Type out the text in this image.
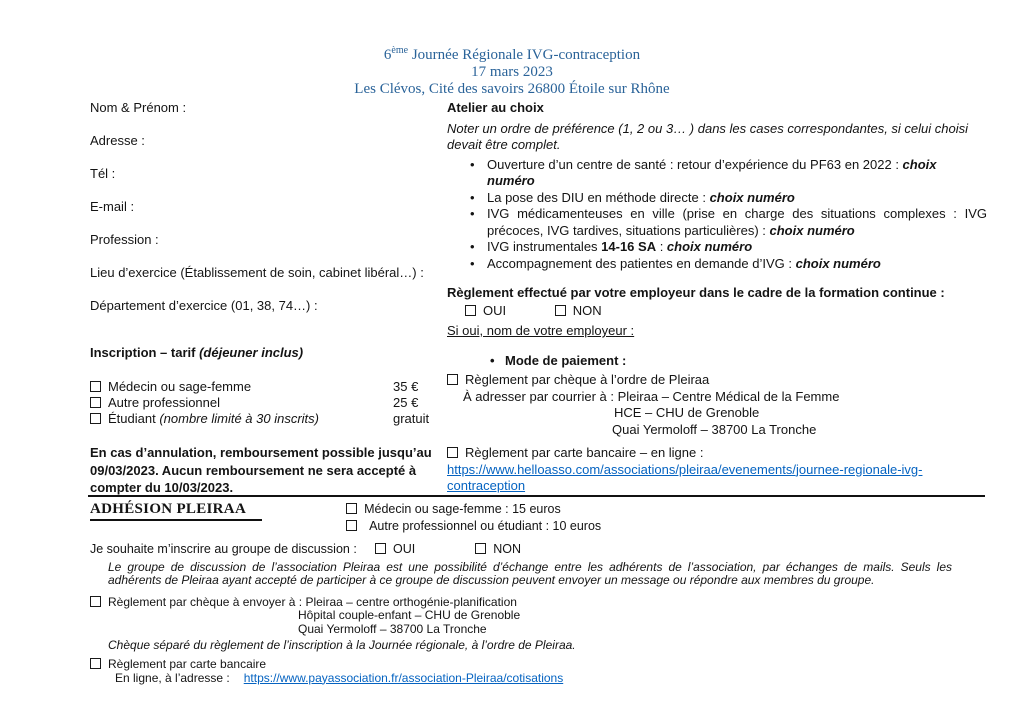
6ème Journée Régionale IVG-contraception
17 mars 2023
Les Clévos, Cité des savoirs 26800 Étoile sur Rhône
Nom & Prénom :
Adresse :
Tél :
E-mail :
Profession :
Lieu d’exercice (Établissement de soin, cabinet libéral…) :
Département d’exercice (01, 38, 74…) :
Inscription – tarif (déjeuner inclus)
Médecin ou sage-femme	35 €
Autre professionnel	25 €
Étudiant (nombre limité à 30 inscrits)	gratuit
En cas d’annulation, remboursement possible jusqu’au 09/03/2023. Aucun remboursement ne sera accepté à compter du 10/03/2023.
Atelier au choix
Noter un ordre de préférence (1, 2 ou 3… ) dans les cases correspondantes, si celui choisi devait être complet.
•
Ouverture d’un centre de santé : retour d’expérience du PF63 en 2022 : choix numéro
•
La pose des DIU en méthode directe : choix numéro
•
IVG médicamenteuses en ville (prise en charge des situations complexes : IVG précoces, IVG tardives, situations particulières) : choix numéro
•
IVG instrumentales 14-16 SA : choix numéro
•
Accompagnement des patientes en demande d’IVG : choix numéro
Règlement effectué par votre employeur dans le cadre de la formation continue :
OUI	NON
Si oui, nom de votre employeur :
•
Mode de paiement :
Règlement par chèque à l’ordre de Pleiraa
À adresser par courrier à : Pleiraa – Centre Médical de la Femme
HCE – CHU de Grenoble
Quai Yermoloff – 38700 La Tronche
Règlement par carte bancaire – en ligne :
https://www.helloasso.com/associations/pleiraa/evenements/journee-regionale-ivg-contraception
ADHÉSION PLEIRAA	Médecin ou sage-femme : 15 euros
Autre professionnel ou étudiant : 10 euros
Je souhaite m’inscrire au groupe de discussion :	OUI	NON
Le groupe de discussion de l’association Pleiraa est une possibilité d’échange entre les adhérents de l’association, par échanges de mails. Seuls les adhérents de Pleiraa ayant accepté de participer à ce groupe de discussion peuvent envoyer un message ou répondre aux membres du groupe.
Règlement par chèque à envoyer à : Pleiraa – centre orthogénie-planification
Hôpital couple-enfant – CHU de Grenoble
Quai Yermoloff – 38700 La Tronche
Chèque séparé du règlement de l’inscription à la Journée régionale, à l’ordre de Pleiraa.
Règlement par carte bancaire
En ligne, à l’adresse : https://www.payassociation.fr/association-Pleiraa/cotisations
